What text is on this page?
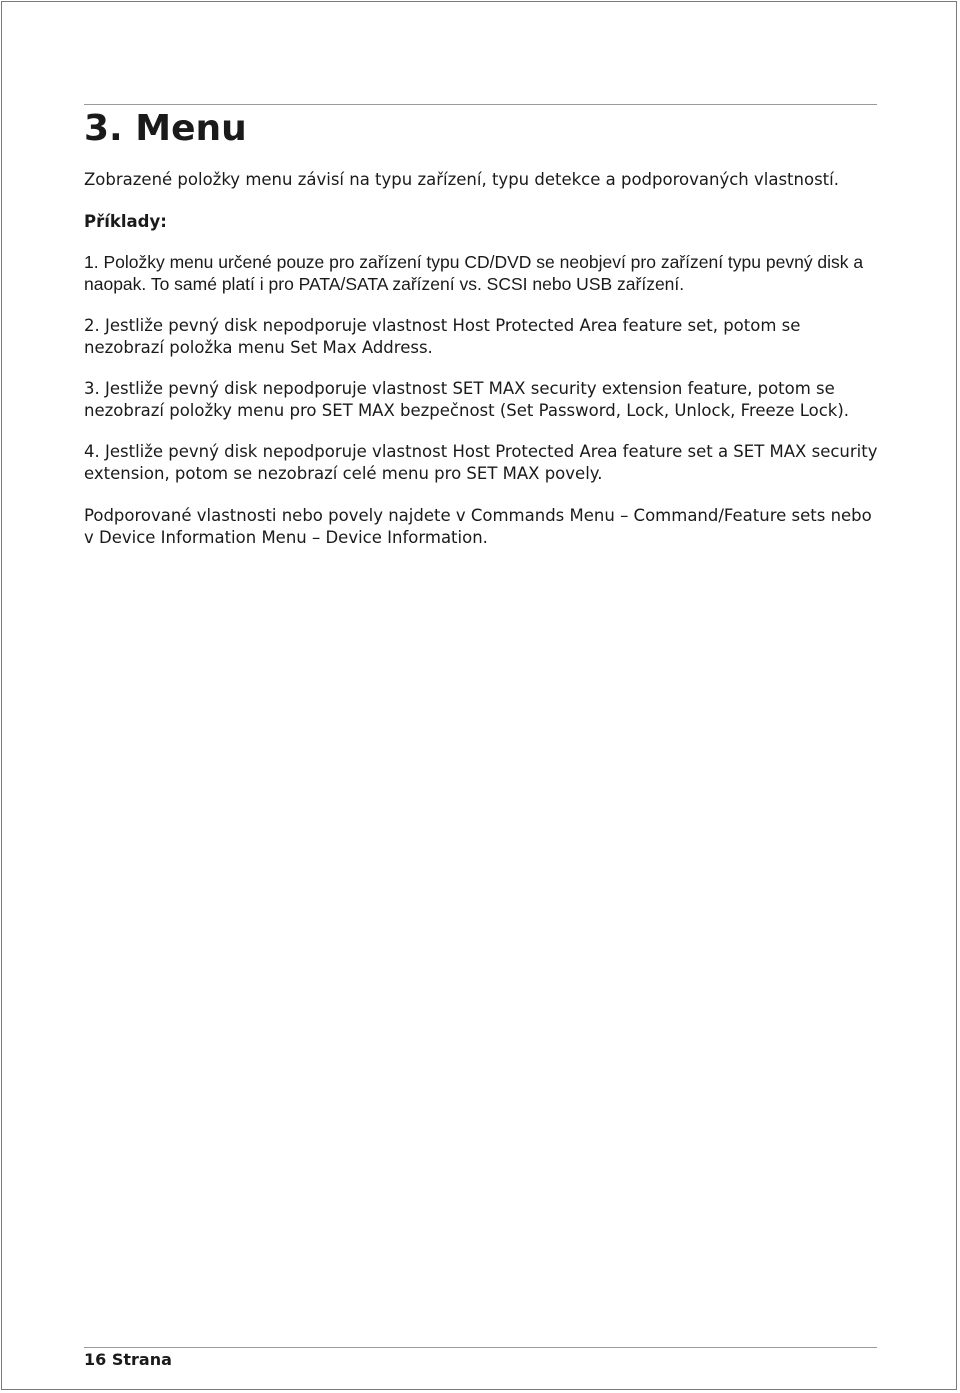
3. Menu

Zobrazené položky menu závisí na typu zařízení, typu detekce a podporovaných vlastností.

Příklady:

1. Položky menu určené pouze pro zařízení typu CD/DVD se neobjeví pro zařízení typu pevný disk a naopak. To samé platí i pro PATA/SATA zařízení vs. SCSI nebo USB zařízení.

2. Jestliže pevný disk nepodporuje vlastnost Host Protected Area feature set, potom se nezobrazí položka menu Set Max Address.

3. Jestliže pevný disk nepodporuje vlastnost SET MAX security extension feature, potom se nezobrazí položky menu pro SET MAX bezpečnost (Set Password, Lock, Unlock, Freeze Lock).

4. Jestliže pevný disk nepodporuje vlastnost Host Protected Area feature set a SET MAX security extension, potom se nezobrazí celé menu pro SET MAX povely.

Podporované vlastnosti nebo povely najdete v Commands Menu – Command/Feature sets nebo v Device Information Menu – Device Information.

16 Strana
